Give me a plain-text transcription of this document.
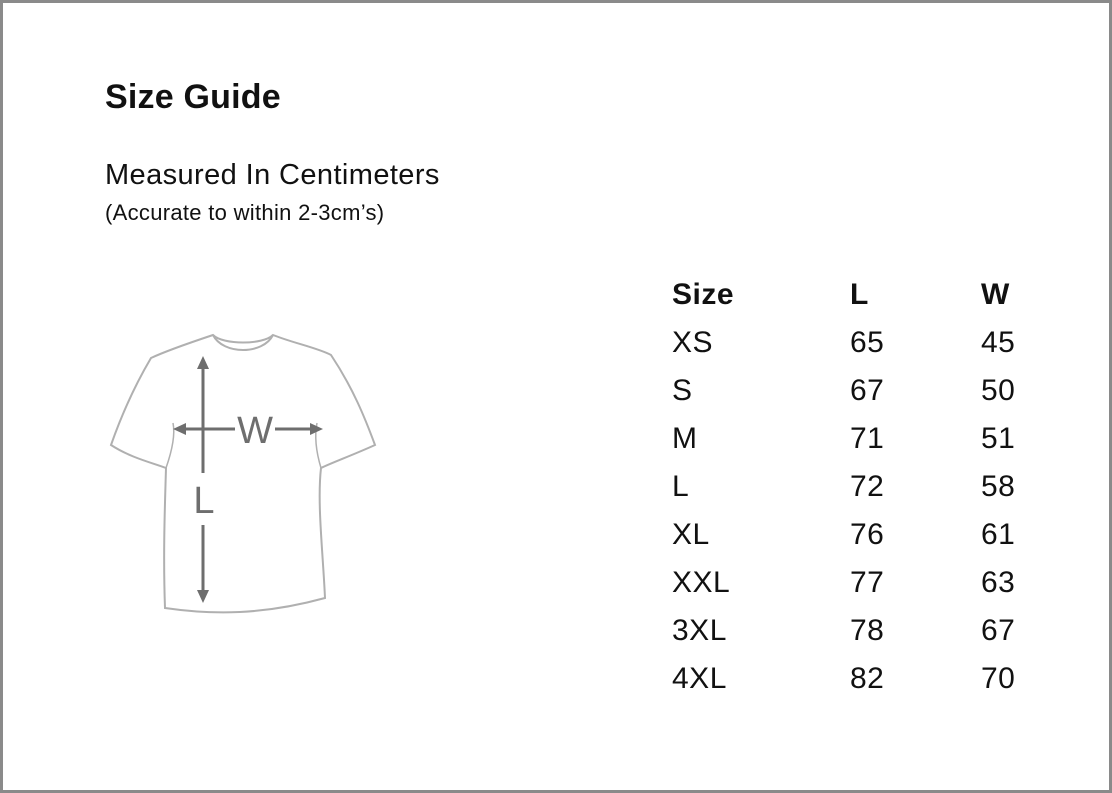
Size Guide
Measured In Centimeters

(Accurate to within 2-3cm’s)

W
L
Size	L	W
XS	65	45
S	67	50
M	71	51
L	72	58
XL	76	61
XXL	77	63
3XL	78	67
4XL	82	70
